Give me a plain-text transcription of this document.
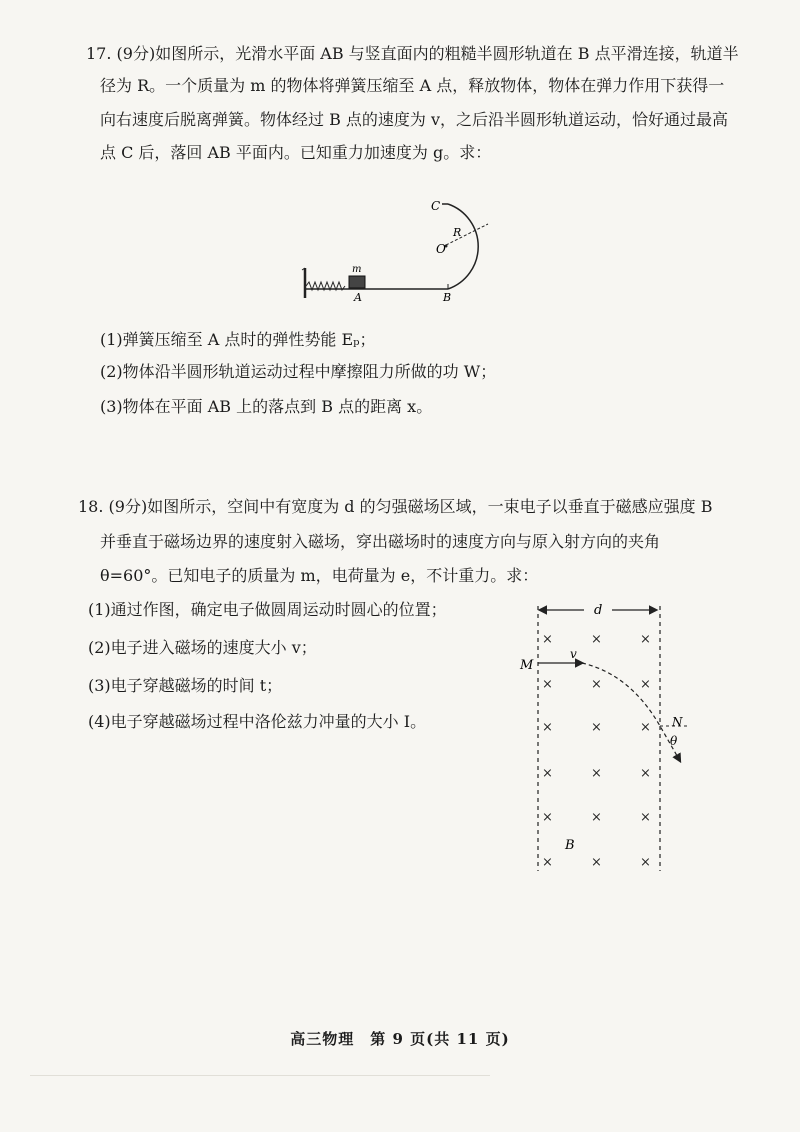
17. (9分)如图所示，光滑水平面 AB 与竖直面内的粗糙半圆形轨道在 B 点平滑连接，轨道半
径为 R。一个质量为 m 的物体将弹簧压缩至 A 点，释放物体，物体在弹力作用下获得一
向右速度后脱离弹簧。物体经过 B 点的速度为 v，之后沿半圆形轨道运动，恰好通过最高
点 C 后，落回 AB 平面内。已知重力加速度为 g。求：
C
R
O
m
A	B
(1)弹簧压缩至 A 点时的弹性势能 Eₚ；
(2)物体沿半圆形轨道运动过程中摩擦阻力所做的功 W；
(3)物体在平面 AB 上的落点到 B 点的距离 x。
18. (9分)如图所示，空间中有宽度为 d 的匀强磁场区域，一束电子以垂直于磁感应强度 B
并垂直于磁场边界的速度射入磁场，穿出磁场时的速度方向与原入射方向的夹角
θ=60°。已知电子的质量为 m，电荷量为 e，不计重力。求：
(1)通过作图，确定电子做圆周运动时圆心的位置；
(2)电子进入磁场的速度大小 v；
(3)电子穿越磁场的时间 t；
(4)电子穿越磁场过程中洛伦兹力冲量的大小 I。
d
×	×	×
×	×	×
×	×	×
×	×	×
×	×	×
×	×	×
M
v
N
θ
B
高三物理　第 9 页(共 11 页)
